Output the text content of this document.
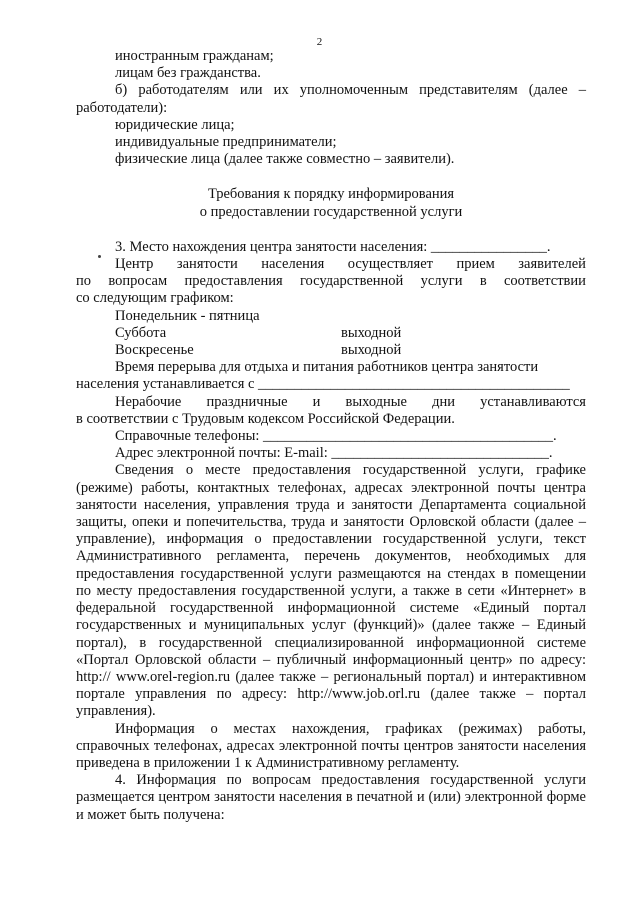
2

иностранным гражданам;

лицам без гражданства.

б) работодателям или их уполномоченным представителям (далее – работодатели):

юридические лица;

индивидуальные предприниматели;

физические лица (далее также совместно – заявители).

Требования к порядку информирования

о предоставлении государственной услуги

3. Место нахождения центра занятости населения: ________________.

Центр занятости населения осуществляет прием заявителей
по вопросам предоставления государственной услуги в соответствии

со следующим графиком:

Понедельник - пятница
Суббота	выходной
Воскресенье	выходной

Время перерыва для отдыха и питания работников центра занятости

населения устанавливается с ___________________________________________

Нерабочие праздничные и выходные дни устанавливаются

в соответствии с Трудовым кодексом Российской Федерации.

Справочные телефоны: ________________________________________.

Адрес электронной почты: E-mail: ______________________________.

Сведения о месте предоставления государственной услуги, графике (режиме) работы, контактных телефонах, адресах электронной почты центра занятости населения, управления труда и занятости Департамента социальной защиты, опеки и попечительства, труда и занятости Орловской области (далее – управление), информация о предоставлении государственной услуги, текст Административного регламента, перечень документов, необходимых для предоставления государственной услуги размещаются на стендах в помещении по месту предоставления государственной услуги, а также в сети «Интернет» в федеральной государственной информационной системе «Единый портал государственных и муниципальных услуг (функций)» (далее также – Единый портал), в государственной специализированной информационной системе «Портал Орловской области – публичный информационный центр» по адресу: http:// www.orel-region.ru (далее также – региональный портал) и интерактивном портале управления по адресу: http://www.job.orl.ru (далее также – портал управления).

Информация о местах нахождения, графиках (режимах) работы, справочных телефонах, адресах электронной почты центров занятости населения приведена в приложении 1 к Административному регламенту.

4. Информация по вопросам предоставления государственной услуги размещается центром занятости населения в печатной и (или) электронной форме и может быть получена:
